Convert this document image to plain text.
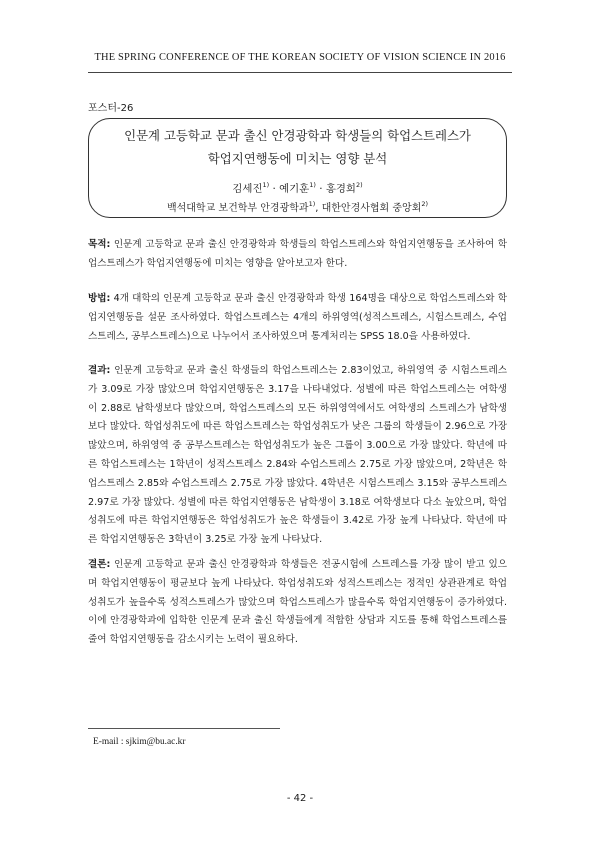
THE SPRING CONFERENCE OF THE KOREAN SOCIETY OF VISION SCIENCE IN 2016
포스터-26
인문계 고등학교 문과 출신 안경광학과 학생들의 학업스트레스가
학업지연행동에 미치는 영향 분석
김세진$^{1)}$ · 예기훈$^{1)}$ · 홍경희$^{2)}$
백석대학교 보건학부 안경광학과$^{1)}$, 대한안경사협회 중앙회$^{2)}$
목적: 인문계 고등학교 문과 출신 안경광학과 학생들의 학업스트레스와 학업지연행동을 조사하여 학업스트레스가 학업지연행동에 미치는 영향을 알아보고자 한다.
방법: 4개 대학의 인문계 고등학교 문과 출신 안경광학과 학생 164명을 대상으로 학업스트레스와 학업지연행동을 설문 조사하였다. 학업스트레스는 4개의 하위영역(성적스트레스, 시험스트레스, 수업스트레스, 공부스트레스)으로 나누어서 조사하였으며 통계처리는 SPSS 18.0을 사용하였다.
결과: 인문계 고등학교 문과 출신 학생들의 학업스트레스는 2.83이었고, 하위영역 중 시험스트레스가 3.09로 가장 많았으며 학업지연행동은 3.17을 나타내었다. 성별에 따른 학업스트레스는 여학생이 2.88로 남학생보다 많았으며, 학업스트레스의 모든 하위영역에서도 여학생의 스트레스가 남학생보다 많았다. 학업성취도에 따른 학업스트레스는 학업성취도가 낮은 그룹의 학생들이 2.96으로 가장 많았으며, 하위영역 중 공부스트레스는 학업성취도가 높은 그룹이 3.00으로 가장 많았다. 학년에 따른 학업스트레스는 1학년이 성적스트레스 2.84와 수업스트레스 2.75로 가장 많았으며, 2학년은 학업스트레스 2.85와 수업스트레스 2.75로 가장 많았다. 4학년은 시험스트레스 3.15와 공부스트레스 2.97로 가장 많았다. 성별에 따른 학업지연행동은 남학생이 3.18로 여학생보다 다소 높았으며, 학업성취도에 따른 학업지연행동은 학업성취도가 높은 학생들이 3.42로 가장 높게 나타났다. 학년에 따른 학업지연행동은 3학년이 3.25로 가장 높게 나타났다.
결론: 인문계 고등학교 문과 출신 안경광학과 학생들은 전공시험에 스트레스를 가장 많이 받고 있으며 학업지연행동이 평균보다 높게 나타났다. 학업성취도와 성적스트레스는 정적인 상관관계로 학업성취도가 높을수록 성적스트레스가 많았으며 학업스트레스가 많을수록 학업지연행동이 증가하였다. 이에 안경광학과에 입학한 인문계 문과 출신 학생들에게 적합한 상담과 지도를 통해 학업스트레스를 줄여 학업지연행동을 감소시키는 노력이 필요하다.
E-mail : sjkim@bu.ac.kr
- 42 -
